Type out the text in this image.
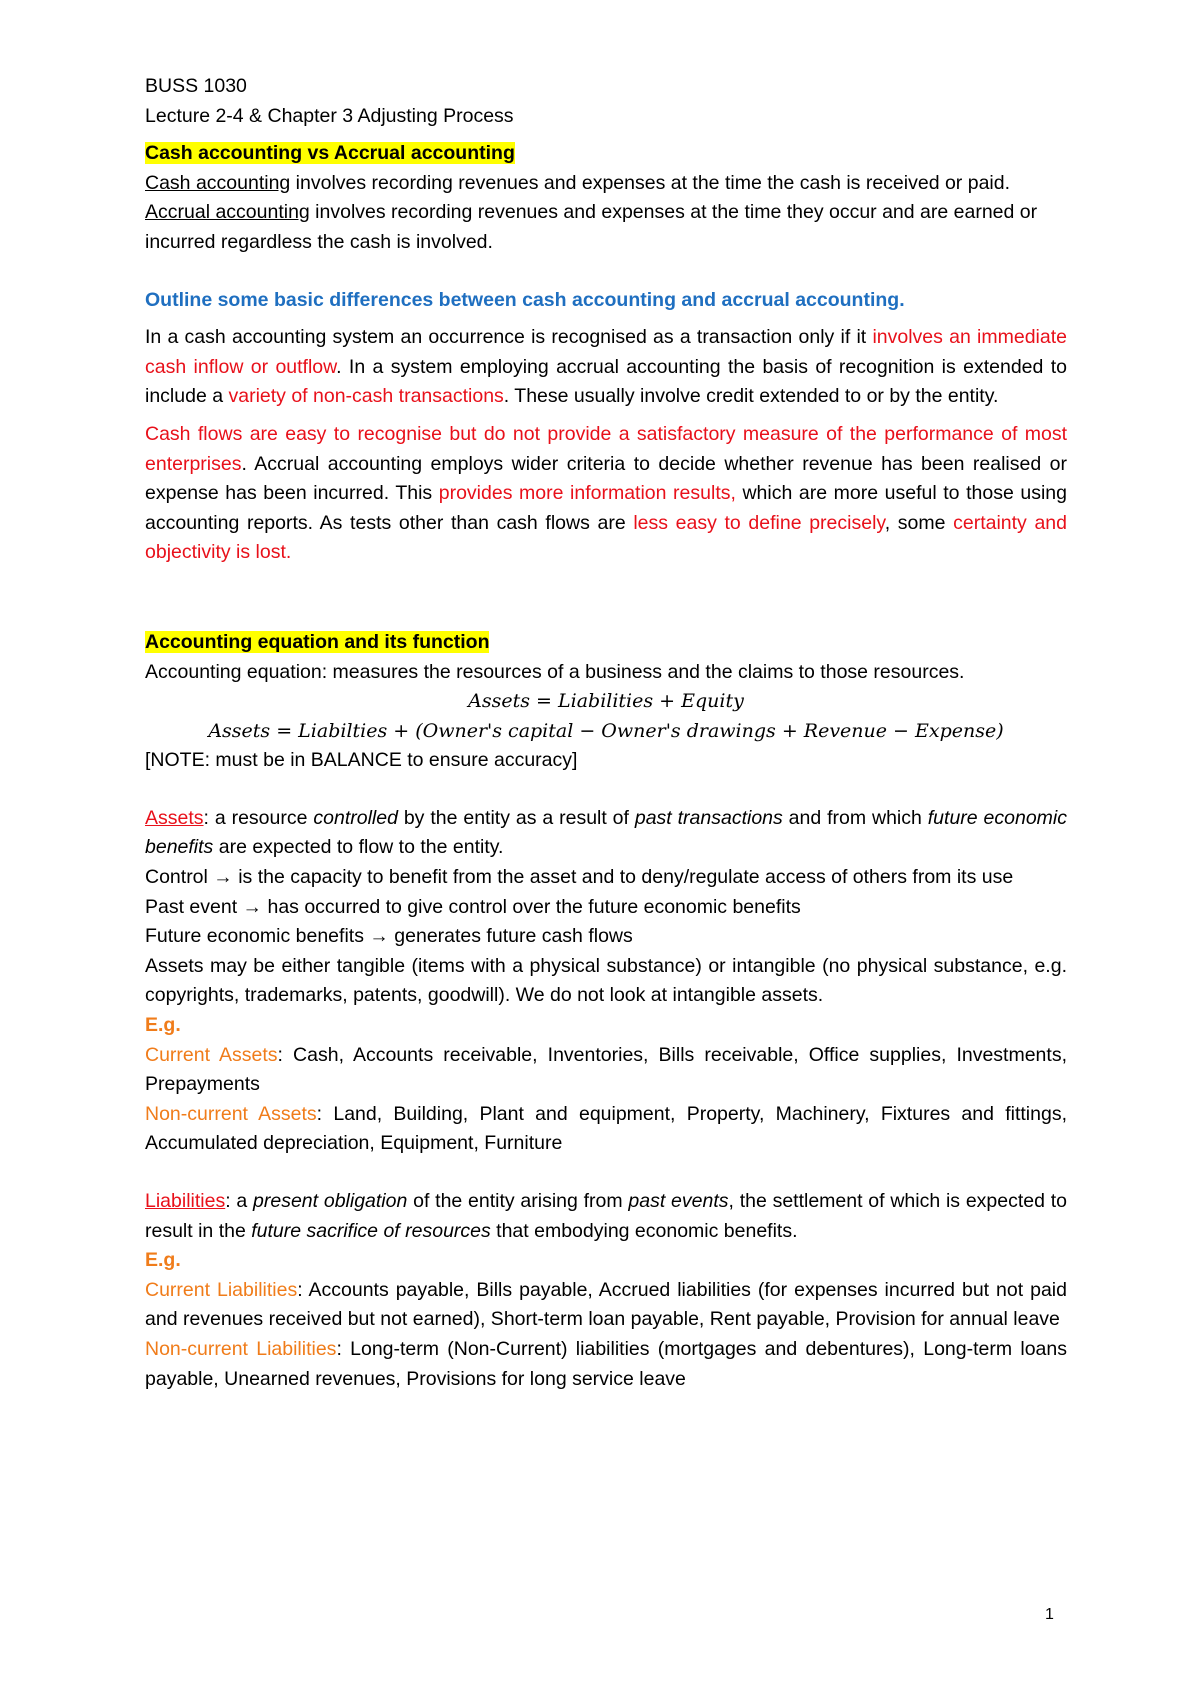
BUSS 1030

Lecture 2-4 & Chapter 3 Adjusting Process

Cash accounting vs Accrual accounting

Cash accounting involves recording revenues and expenses at the time the cash is received or paid.

Accrual accounting involves recording revenues and expenses at the time they occur and are earned or incurred regardless the cash is involved.

Outline some basic differences between cash accounting and accrual accounting.

In a cash accounting system an occurrence is recognised as a transaction only if it involves an immediate cash inflow or outflow. In a system employing accrual accounting the basis of recognition is extended to include a variety of non-cash transactions. These usually involve credit extended to or by the entity.

Cash flows are easy to recognise but do not provide a satisfactory measure of the performance of most enterprises. Accrual accounting employs wider criteria to decide whether revenue has been realised or expense has been incurred. This provides more information results, which are more useful to those using accounting reports. As tests other than cash flows are less easy to define precisely, some certainty and objectivity is lost.

Accounting equation and its function

Accounting equation: measures the resources of a business and the claims to those resources.

Assets = Liabilities + Equity

Assets = Liabilties + (Owner's capital − Owner's drawings + Revenue − Expense)

[NOTE: must be in BALANCE to ensure accuracy]

Assets: a resource controlled by the entity as a result of past transactions and from which future economic benefits are expected to flow to the entity.

Control → is the capacity to benefit from the asset and to deny/regulate access of others from its use

Past event → has occurred to give control over the future economic benefits

Future economic benefits → generates future cash flows

Assets may be either tangible (items with a physical substance) or intangible (no physical substance, e.g. copyrights, trademarks, patents, goodwill). We do not look at intangible assets.

E.g.

Current Assets: Cash, Accounts receivable, Inventories, Bills receivable, Office supplies, Investments, Prepayments

Non-current Assets: Land, Building, Plant and equipment, Property, Machinery, Fixtures and fittings, Accumulated depreciation, Equipment, Furniture

Liabilities: a present obligation of the entity arising from past events, the settlement of which is expected to result in the future sacrifice of resources that embodying economic benefits.

E.g.

Current Liabilities: Accounts payable, Bills payable, Accrued liabilities (for expenses incurred but not paid and revenues received but not earned), Short-term loan payable, Rent payable, Provision for annual leave

Non-current Liabilities: Long-term (Non-Current) liabilities (mortgages and debentures), Long-term loans payable, Unearned revenues, Provisions for long service leave

1
